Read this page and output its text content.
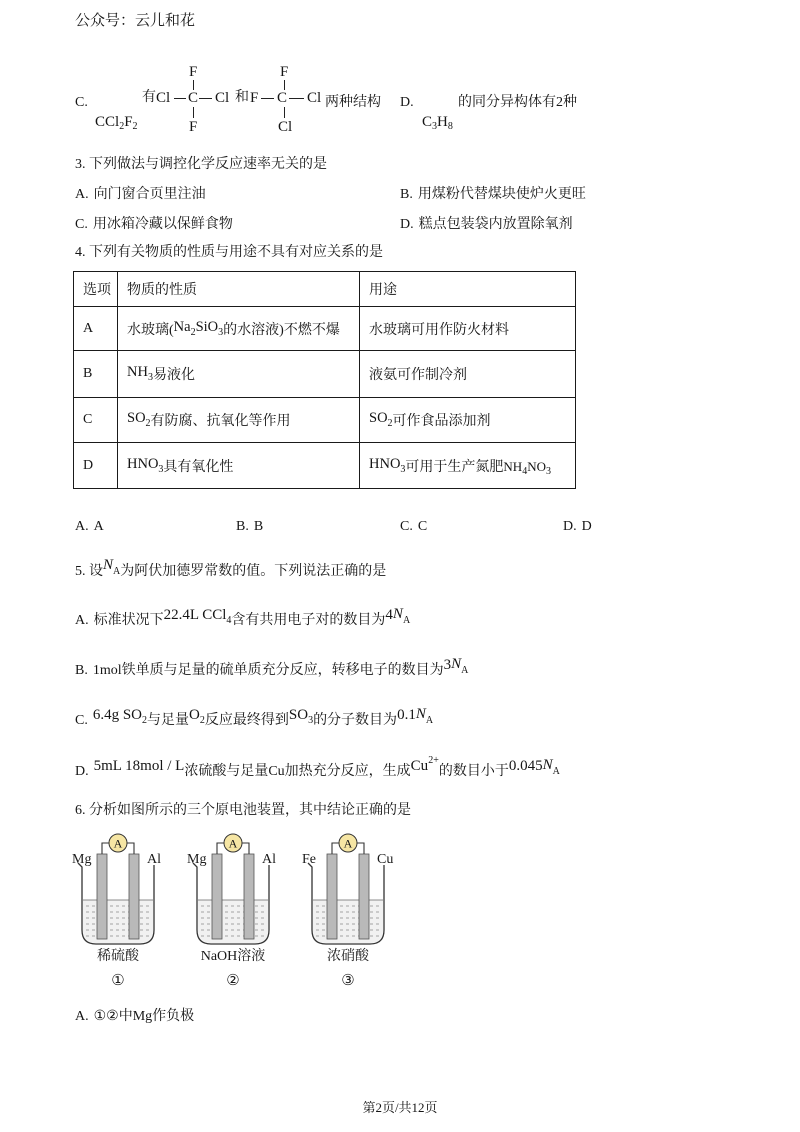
公众号：云儿和花
C.
$CCl_2F_2$
有
F
Cl C Cl
F
和
F
F C Cl
Cl
两种结构 D.
$C_3H_8$
的同分异构体有2种
3. 下列做法与调控化学反应速率无关的是
A. 向门窗合页里注油	B. 用煤粉代替煤块使炉火更旺
C. 用冰箱冷藏以保鲜食物	D. 糕点包装袋内放置除氧剂
4. 下列有关物质的性质与用途不具有对应关系的是
选项	物质的性质	用途
A	水玻璃(Na2SiO3的水溶液)不燃不爆	水玻璃可用作防火材料
B	NH3易液化	液氨可作制冷剂
C	SO2有防腐、抗氧化等作用	SO2可作食品添加剂
D	HNO3具有氧化性	HNO3可用于生产氮肥$NH_4NO_3$
A. A	B. B	C. C	D. D
5. 设NA为阿伏加德罗常数的值。下列说法正确的是
A. 标准状况下22.4L CCl4含有共用电子对的数目为4NA
B. 1mol铁单质与足量的硫单质充分反应，转移电子的数目为3NA
C. 6.4g SO2与足量O2反应最终得到SO3的分子数目为0.1NA
D. 5mL 18mol / L浓硫酸与足量Cu加热充分反应，生成$Cu^{2+}$的数目小于0.045NA
6. 分析如图所示的三个原电池装置，其中结论正确的是
A
Mg	Al
稀硫酸
①
A
Mg	Al
NaOH溶液
②
A
Fe	Cu
浓硝酸
③
A. ①②中Mg作负极
第2页/共12页
